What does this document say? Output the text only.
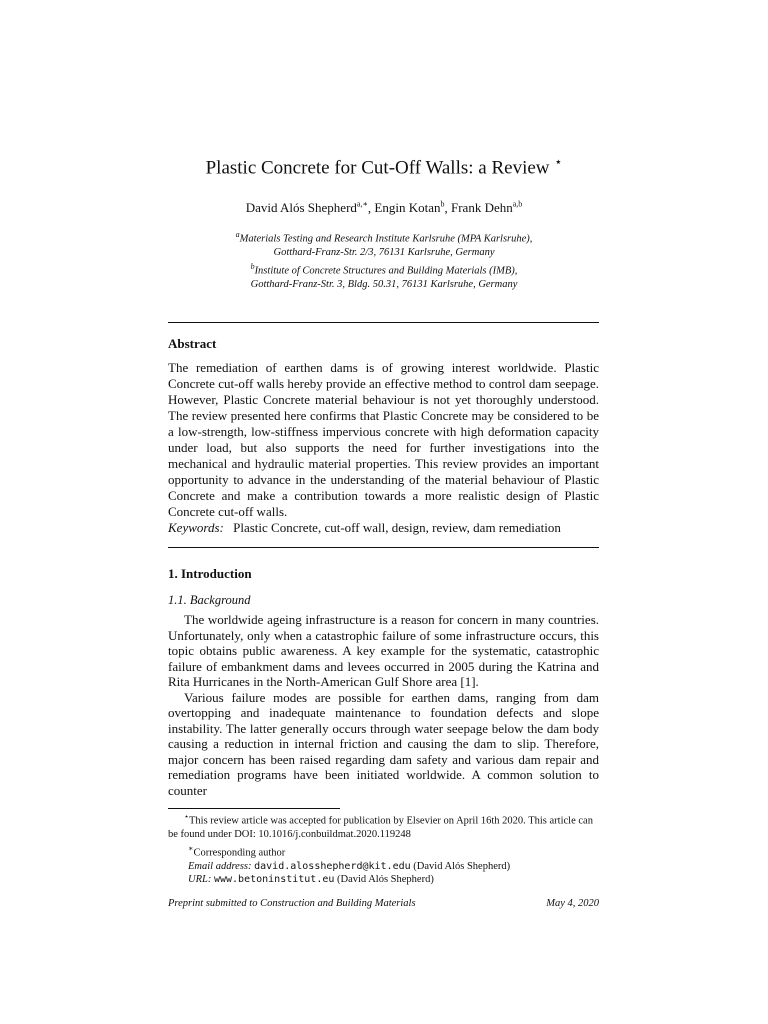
Plastic Concrete for Cut-Off Walls: a Review ⋆
David Alós Shepherd$^{a,∗}$, Engin Kotan$^b$, Frank Dehn$^{a,b}$
$^a$Materials Testing and Research Institute Karlsruhe (MPA Karlsruhe),
Gotthard-Franz-Str. 2/3, 76131 Karlsruhe, Germany
$^b$Institute of Concrete Structures and Building Materials (IMB),
Gotthard-Franz-Str. 3, Bldg. 50.31, 76131 Karlsruhe, Germany
Abstract
The remediation of earthen dams is of growing interest worldwide. Plastic Concrete cut-off walls hereby provide an effective method to control dam seepage. However, Plastic Concrete material behaviour is not yet thoroughly understood. The review presented here confirms that Plastic Concrete may be considered to be a low-strength, low-stiffness impervious concrete with high deformation capacity under load, but also supports the need for further investigations into the mechanical and hydraulic material properties. This review provides an important opportunity to advance in the understanding of the material behaviour of Plastic Concrete and make a contribution towards a more realistic design of Plastic Concrete cut-off walls.
Keywords: Plastic Concrete, cut-off wall, design, review, dam remediation
1. Introduction
1.1. Background

The worldwide ageing infrastructure is a reason for concern in many countries. Unfortunately, only when a catastrophic failure of some infrastructure occurs, this topic obtains public awareness. A key example for the systematic, catastrophic failure of embankment dams and levees occurred in 2005 during the Katrina and Rita Hurricanes in the North-American Gulf Shore area [1].

Various failure modes are possible for earthen dams, ranging from dam overtopping and inadequate maintenance to foundation defects and slope instability. The latter generally occurs through water seepage below the dam body causing a reduction in internal friction and causing the dam to slip. Therefore, major concern has been raised regarding dam safety and various dam repair and remediation programs have been initiated worldwide. A common solution to counter

⋆This review article was accepted for publication by Elsevier on April 16th 2020. This article can be found under DOI: 10.1016/j.conbuildmat.2020.119248
∗Corresponding author
Email address: david.alosshepherd@kit.edu (David Alós Shepherd)
URL: www.betoninstitut.eu (David Alós Shepherd)
Preprint submitted to Construction and Building Materials	May 4, 2020
